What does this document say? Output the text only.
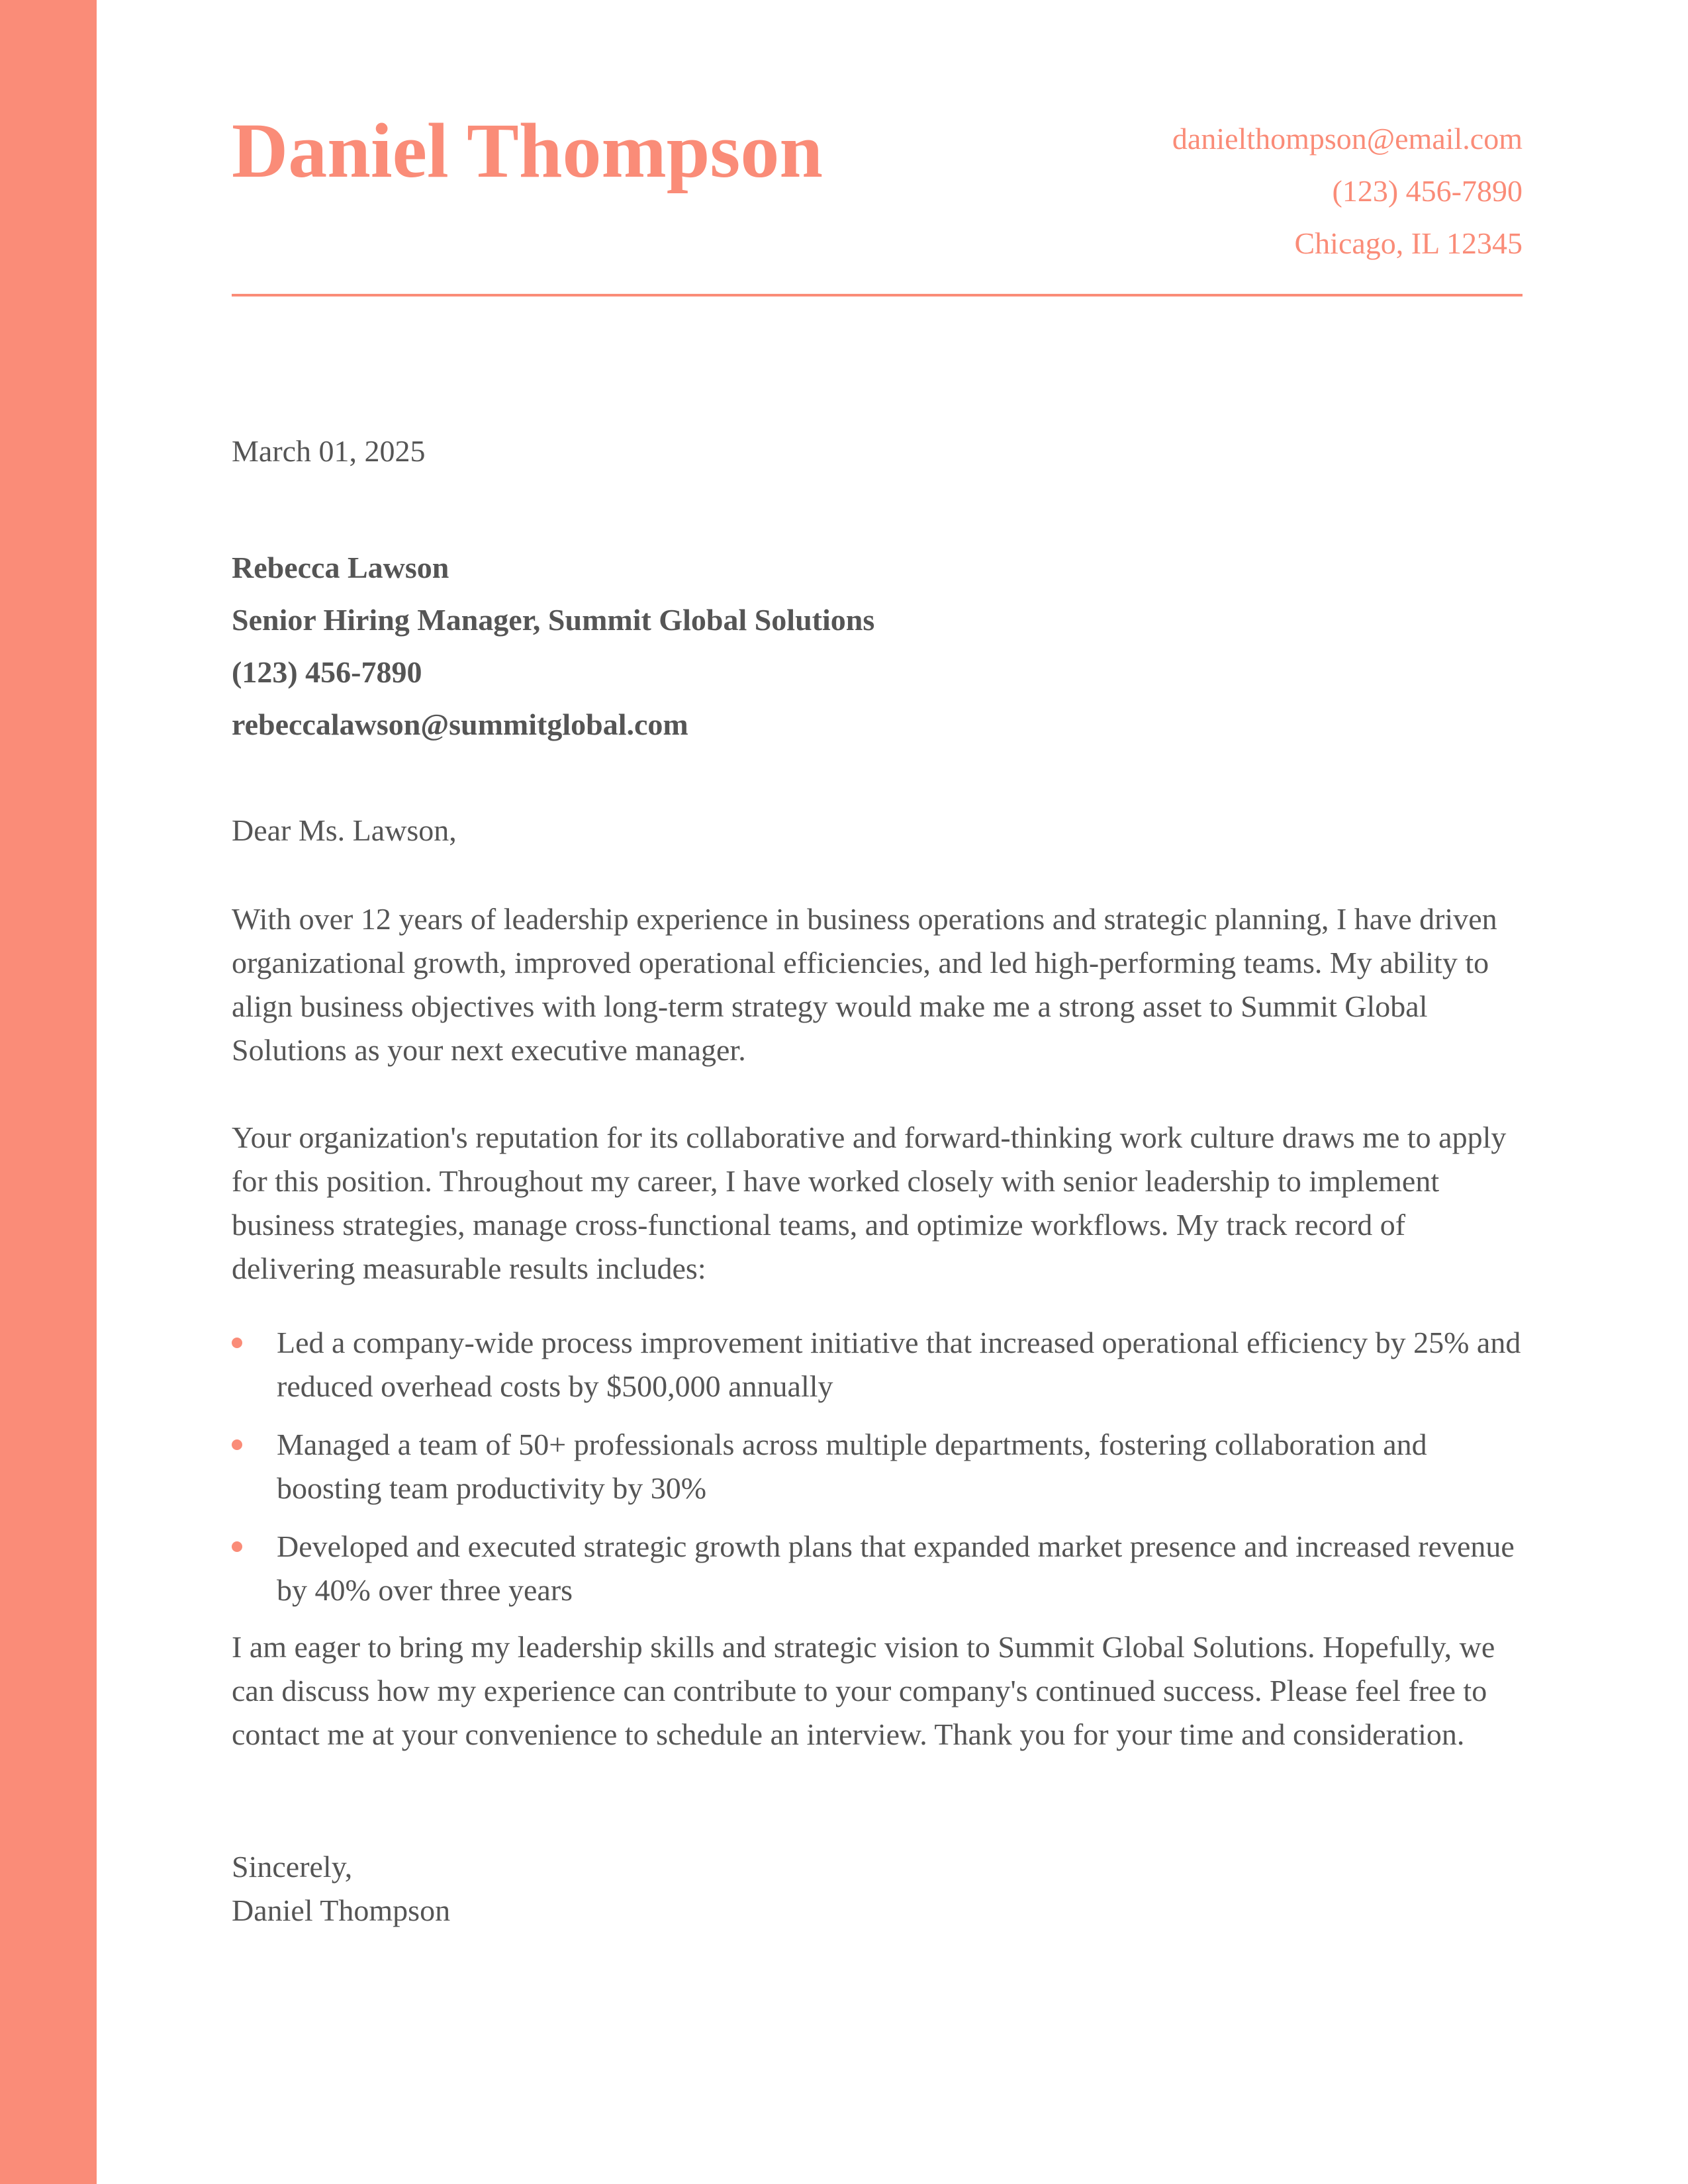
Daniel Thompson	danielthompson@email.com
(123) 456-7890
Chicago, IL 12345
March 01, 2025
Rebecca Lawson
Senior Hiring Manager, Summit Global Solutions
(123) 456-7890
rebeccalawson@summitglobal.com
Dear Ms. Lawson,

With over 12 years of leadership experience in business operations and strategic planning, I have driven organizational growth, improved operational efficiencies, and led high-performing teams. My ability to align business objectives with long-term strategy would make me a strong asset to Summit Global Solutions as your next executive manager.

Your organization's reputation for its collaborative and forward-thinking work culture draws me to apply for this position. Throughout my career, I have worked closely with senior leadership to implement business strategies, manage cross-functional teams, and optimize workflows. My track record of delivering measurable results includes:

Led a company-wide process improvement initiative that increased operational efficiency by 25% and reduced overhead costs by $500,000 annually
Managed a team of 50+ professionals across multiple departments, fostering collaboration and boosting team productivity by 30%
Developed and executed strategic growth plans that expanded market presence and increased revenue by 40% over three years

I am eager to bring my leadership skills and strategic vision to Summit Global Solutions. Hopefully, we can discuss how my experience can contribute to your company's continued success. Please feel free to contact me at your convenience to schedule an interview. Thank you for your time and consideration.

Sincerely,
Daniel Thompson
